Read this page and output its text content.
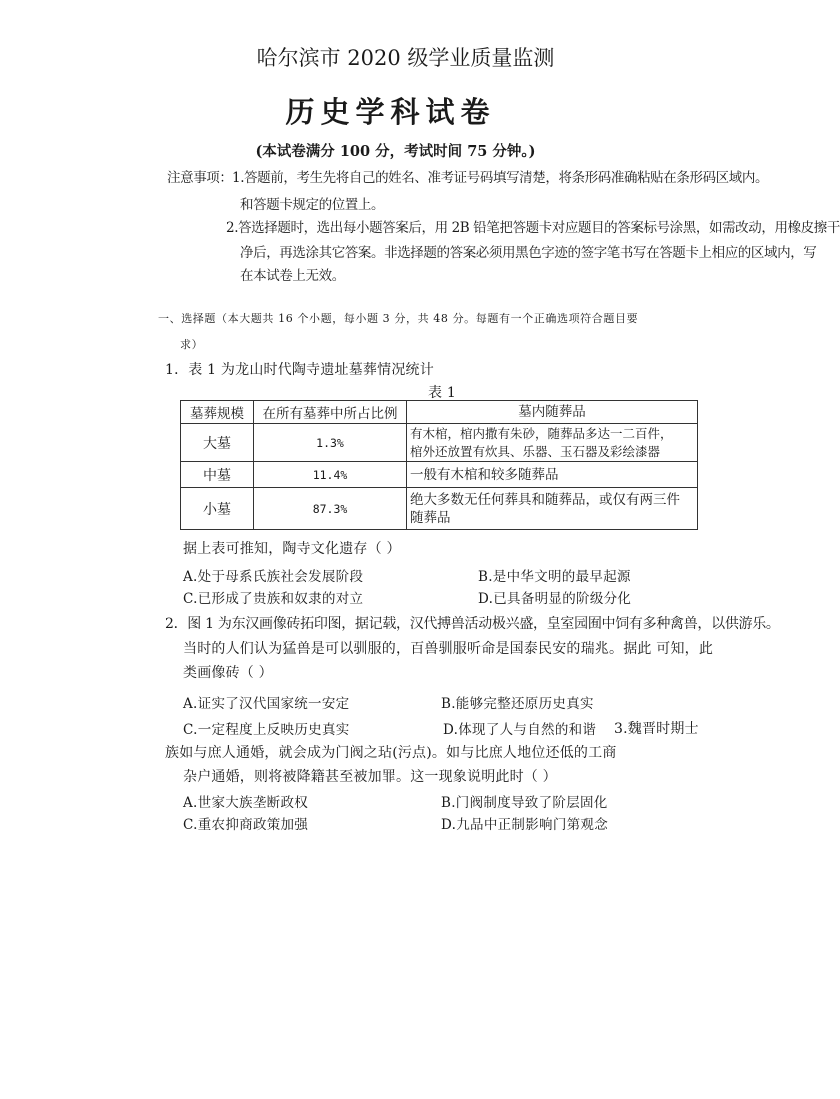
哈尔滨市 2020 级学业质量监测
历史学科试卷
(本试卷满分 100 分，考试时间 75 分钟。)
注意事项： 1.答题前，考生先将自己的姓名、准考证号码填写清楚，将条形码准确粘贴在条形码区域内。
和答题卡规定的位置上。
2.答选择题时，选出每小题答案后，用 2B 铅笔把答题卡对应题目的答案标号涂黑，如需改动，用橡皮擦干
净后，再选涂其它答案。非选择题的答案必须用黑色字迹的签字笔书写在答题卡上相应的区域内，写
在本试卷上无效。
一、选择题（本大题共 16 个小题，每小题 3 分，共 48 分。每题有一个正确选项符合题目要
求）
1．表 1 为龙山时代陶寺遗址墓葬情况统计
表 1
墓葬规模	在所有墓葬中所占比例	墓内随葬品
大墓	1.3%	有木棺，棺内撒有朱砂，随葬品多达一二百件，
棺外还放置有炊具、乐器、玉石器及彩绘漆器

中墓	11.4%	一般有木棺和较多随葬品
小墓	87.3%	绝大多数无任何葬具和随葬品，或仅有两三件
随葬品
据上表可推知，陶寺文化遗存（ ）
A.处于母系氏族社会发展阶段	B.是中华文明的最早起源
C.已形成了贵族和奴隶的对立	D.已具备明显的阶级分化
2．图 1 为东汉画像砖拓印图，据记载，汉代搏兽活动极兴盛，皇室园囿中饲有多种禽兽，以供游乐。
当时的人们认为猛兽是可以驯服的，百兽驯服听命是国泰民安的瑞兆。据此 可知，此
类画像砖（ ）
A.证实了汉代国家统一安定	B.能够完整还原历史真实
C.一定程度上反映历史真实	D.体现了人与自然的和谐 3.魏晋时期士
族如与庶人通婚，就会成为门阀之玷(污点)。如与比庶人地位还低的工商
杂户通婚，则将被降籍甚至被加罪。这一现象说明此时（ ）
A.世家大族垄断政权	B.门阀制度导致了阶层固化
C.重农抑商政策加强	D.九品中正制影响门第观念
